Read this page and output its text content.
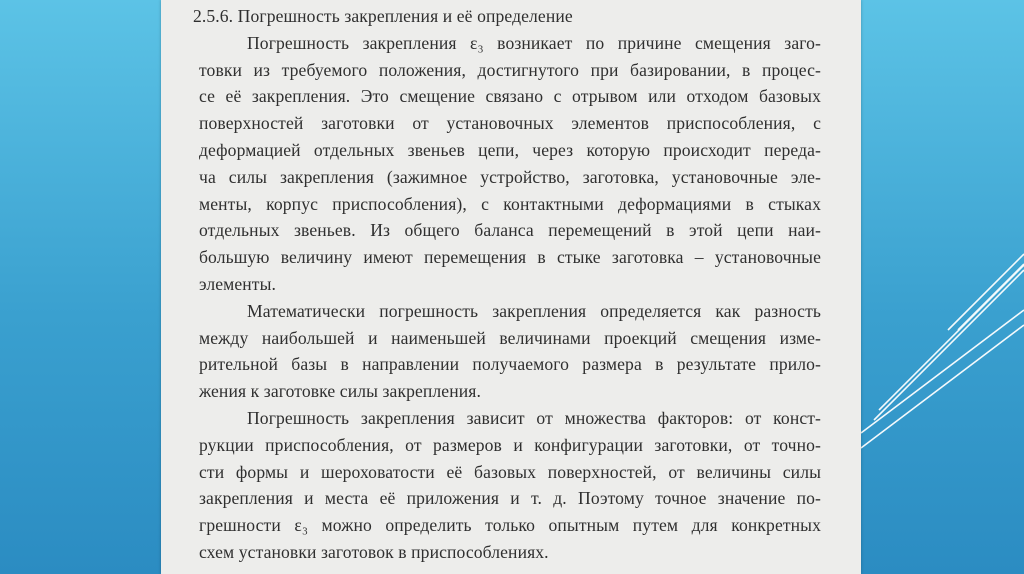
2.5.6. Погрешность закрепления и её определение
Погрешность закрепления ε₃ возникает по причине смещения заго-
товки из требуемого положения, достигнутого при базировании, в процес-
се её закрепления. Это смещение связано с отрывом или отходом базовых
поверхностей заготовки от установочных элементов приспособления, с
деформацией отдельных звеньев цепи, через которую происходит переда-
ча силы закрепления (зажимное устройство, заготовка, установочные эле-
менты, корпус приспособления), с контактными деформациями в стыках
отдельных звеньев. Из общего баланса перемещений в этой цепи наи-
большую величину имеют перемещения в стыке заготовка – установочные
элементы.
Математически погрешность закрепления определяется как разность
между наибольшей и наименьшей величинами проекций смещения изме-
рительной базы в направлении получаемого размера в результате прило-
жения к заготовке силы закрепления.
Погрешность закрепления зависит от множества факторов: от конст-
рукции приспособления, от размеров и конфигурации заготовки, от точно-
сти формы и шероховатости её базовых поверхностей, от величины силы
закрепления и места её приложения и т. д. Поэтому точное значение по-
грешности ε₃ можно определить только опытным путем для конкретных
схем установки заготовок в приспособлениях.
